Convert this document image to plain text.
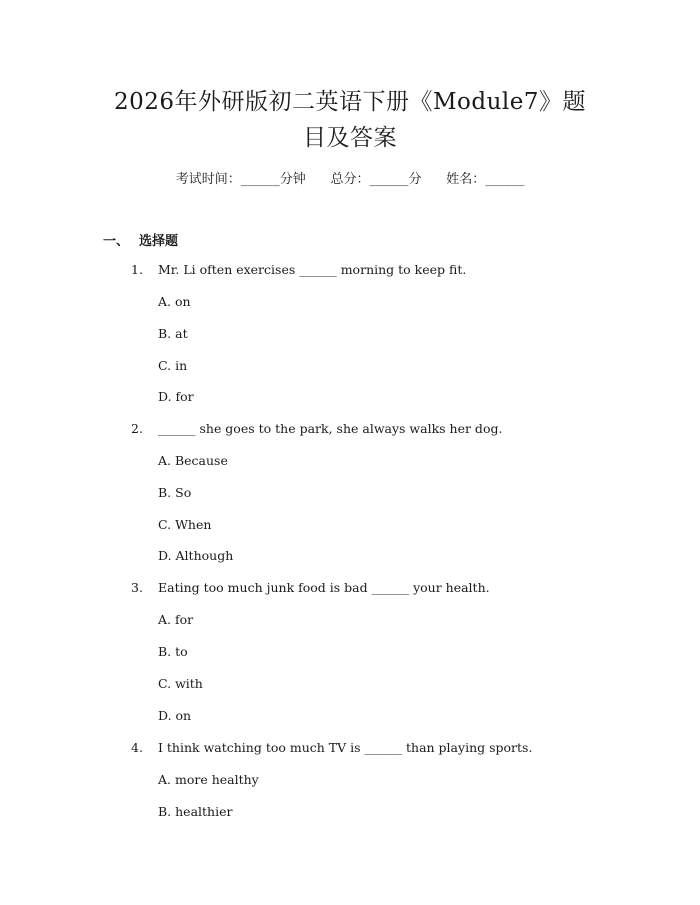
2026年外研版初二英语下册《Module7》题
目及答案
考试时间：______分钟      总分：______分      姓名：______
一、 选择题
1. Mr. Li often exercises ______ morning to keep fit.
A. on
B. at
C. in
D. for
2. ______ she goes to the park, she always walks her dog.
A. Because
B. So
C. When
D. Although
3. Eating too much junk food is bad ______ your health.
A. for
B. to
C. with
D. on
4. I think watching too much TV is ______ than playing sports.
A. more healthy
B. healthier
